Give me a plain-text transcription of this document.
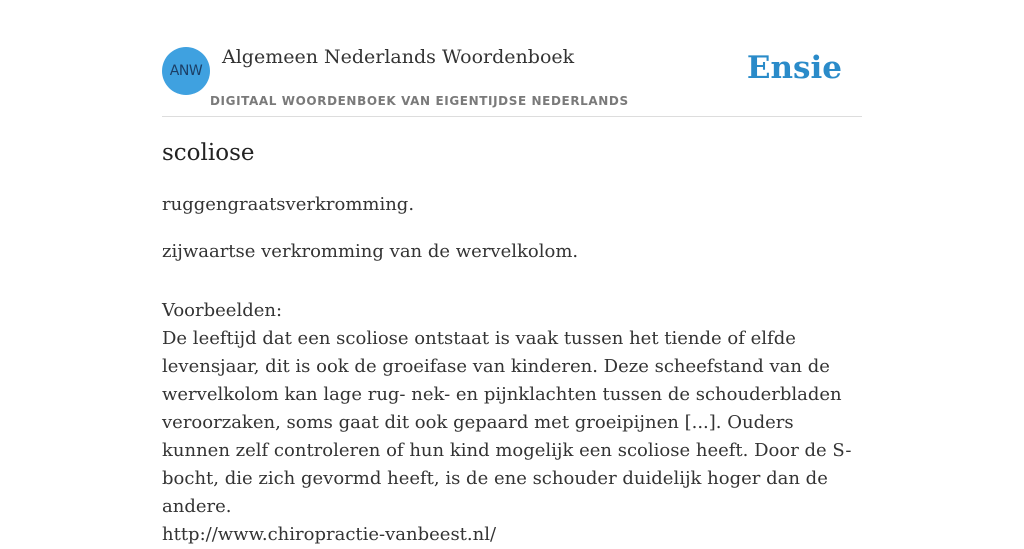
ANW
Algemeen Nederlands Woordenboek
DIGITAAL WOORDENBOEK VAN EIGENTIJDSE NEDERLANDS
Ensie
scoliose
ruggengraatsverkromming.
zijwaartse verkromming van de wervelkolom.
Voorbeelden:
De leeftijd dat een scoliose ontstaat is vaak tussen het tiende of elfde levensjaar, dit is ook de groeifase van kinderen. Deze scheefstand van de wervelkolom kan lage rug- nek- en pijnklachten tussen de schouderbladen veroorzaken, soms gaat dit ook gepaard met groeipijnen [...]. Ouders kunnen zelf controleren of hun kind mogelijk een scoliose heeft. Door de S-bocht, die zich gevormd heeft, is de ene schouder duidelijk hoger dan de andere.
http://www.chiropractie-vanbeest.nl/
